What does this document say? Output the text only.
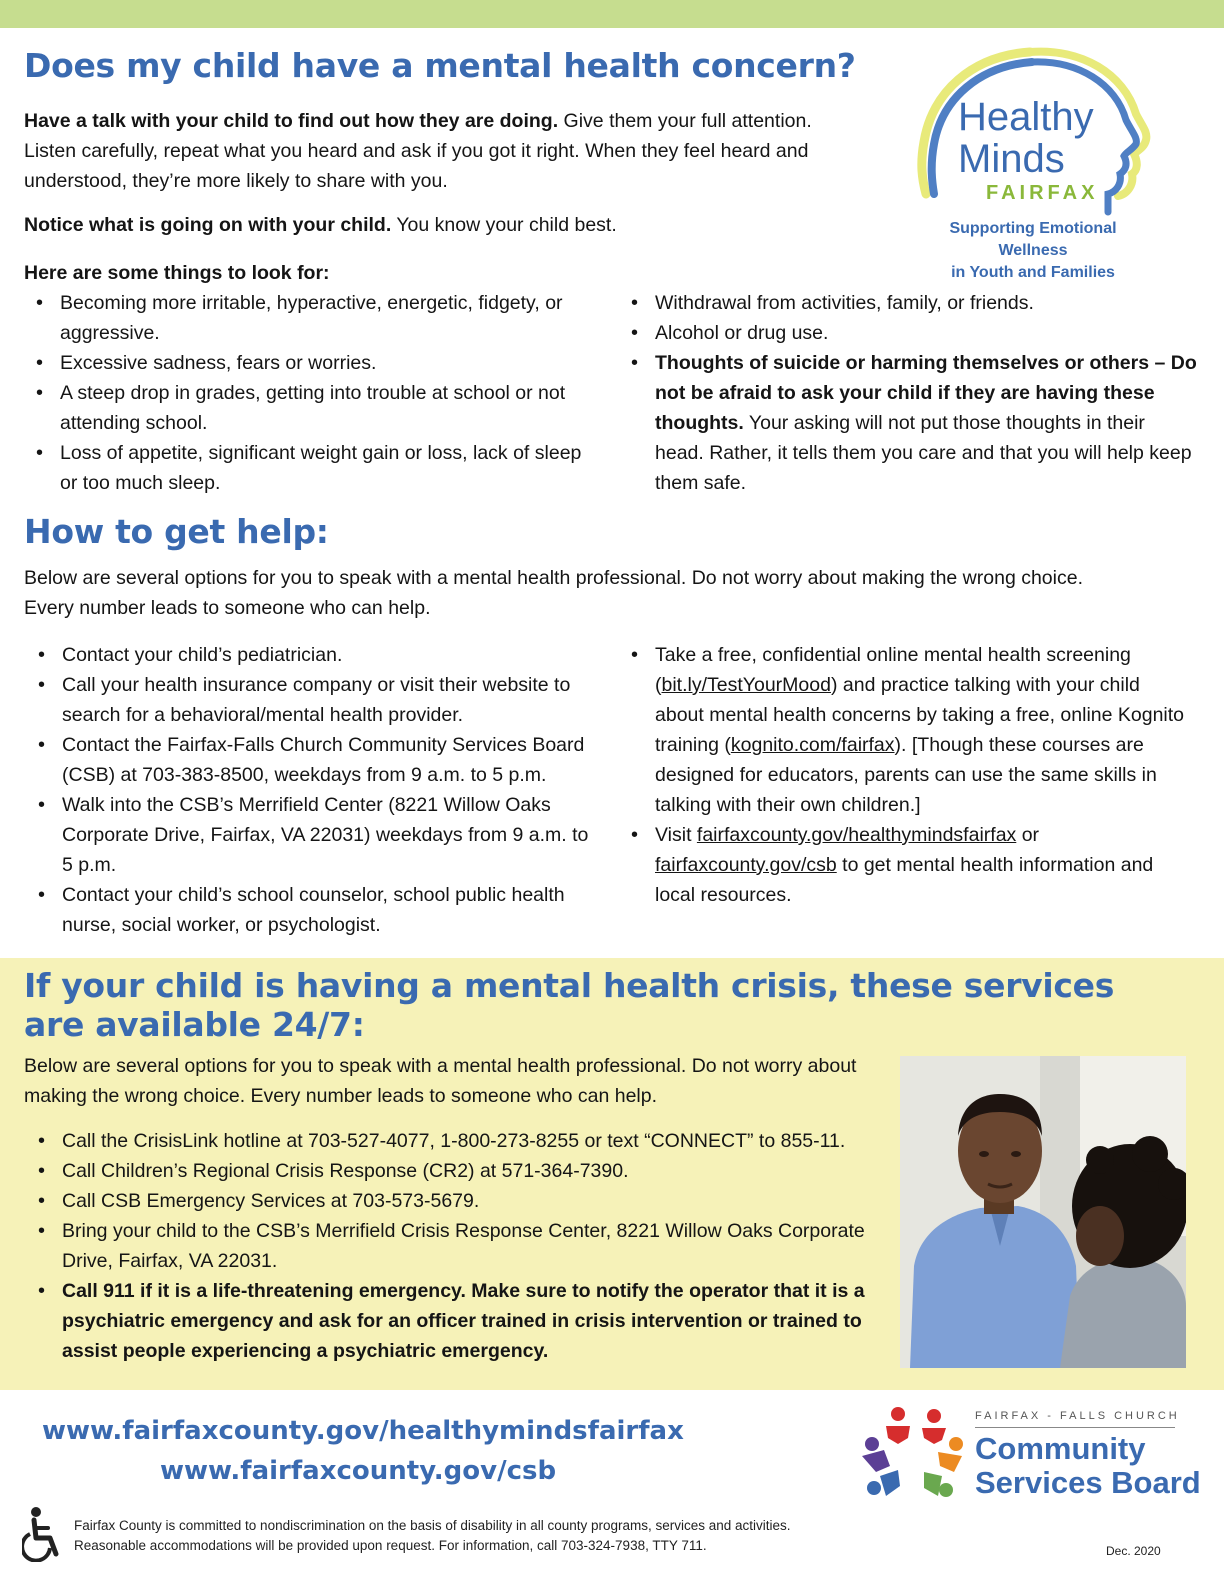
Does my child have a mental health concern?
Healthy
Minds
FAIRFAX
Supporting Emotional Wellness
in Youth and Families

Have a talk with your child to find out how they are doing. Give them your full attention. Listen carefully, repeat what you heard and ask if you got it right. When they feel heard and understood, they’re more likely to share with you.

Notice what is going on with your child. You know your child best.

Here are some things to look for:

• Becoming more irritable, hyperactive, energetic, fidgety, or aggressive.
• Excessive sadness, fears or worries.
• A steep drop in grades, getting into trouble at school or not attending school.
• Loss of appetite, significant weight gain or loss, lack of sleep or too much sleep.
• Withdrawal from activities, family, or friends.
• Alcohol or drug use.
• Thoughts of suicide or harming themselves or others – Do not be afraid to ask your child if they are having these thoughts. Your asking will not put those thoughts in their head. Rather, it tells them you care and that you will help keep them safe.
How to get help:

Below are several options for you to speak with a mental health professional. Do not worry about making the wrong choice. Every number leads to someone who can help.

• Contact your child’s pediatrician.
• Call your health insurance company or visit their website to search for a behavioral/mental health provider.
• Contact the Fairfax-Falls Church Community Services Board (CSB) at 703-383-8500, weekdays from 9 a.m. to 5 p.m.
• Walk into the CSB’s Merrifield Center (8221 Willow Oaks Corporate Drive, Fairfax, VA 22031) weekdays from 9 a.m. to 5 p.m.
• Contact your child’s school counselor, school public health nurse, social worker, or psychologist.
• Take a free, confidential online mental health screening (bit.ly/TestYourMood) and practice talking with your child about mental health concerns by taking a free, online Kognito training (kognito.com/fairfax). [Though these courses are designed for educators, parents can use the same skills in talking with their own children.]
• Visit fairfaxcounty.gov/healthymindsfairfax or fairfaxcounty.gov/csb to get mental health information and local resources.
If your child is having a mental health crisis, these services
are available 24/7:

Below are several options for you to speak with a mental health professional. Do not worry about making the wrong choice. Every number leads to someone who can help.

• Call the CrisisLink hotline at 703-527-4077, 1-800-273-8255 or text “CONNECT” to 855-11.
• Call Children’s Regional Crisis Response (CR2) at 571-364-7390.
• Call CSB Emergency Services at 703-573-5679.
• Bring your child to the CSB’s Merrifield Crisis Response Center, 8221 Willow Oaks Corporate Drive, Fairfax, VA 22031.
• Call 911 if it is a life-threatening emergency. Make sure to notify the operator that it is a psychiatric emergency and ask for an officer trained in crisis intervention or trained to assist people experiencing a psychiatric emergency.
www.fairfaxcounty.gov/healthymindsfairfax
www.fairfaxcounty.gov/csb
FAIRFAX - FALLS CHURCH
Community
Services Board
Fairfax County is committed to nondiscrimination on the basis of disability in all county programs, services and activities.
Reasonable accommodations will be provided upon request. For information, call 703-324-7938, TTY 711.	Dec. 2020
